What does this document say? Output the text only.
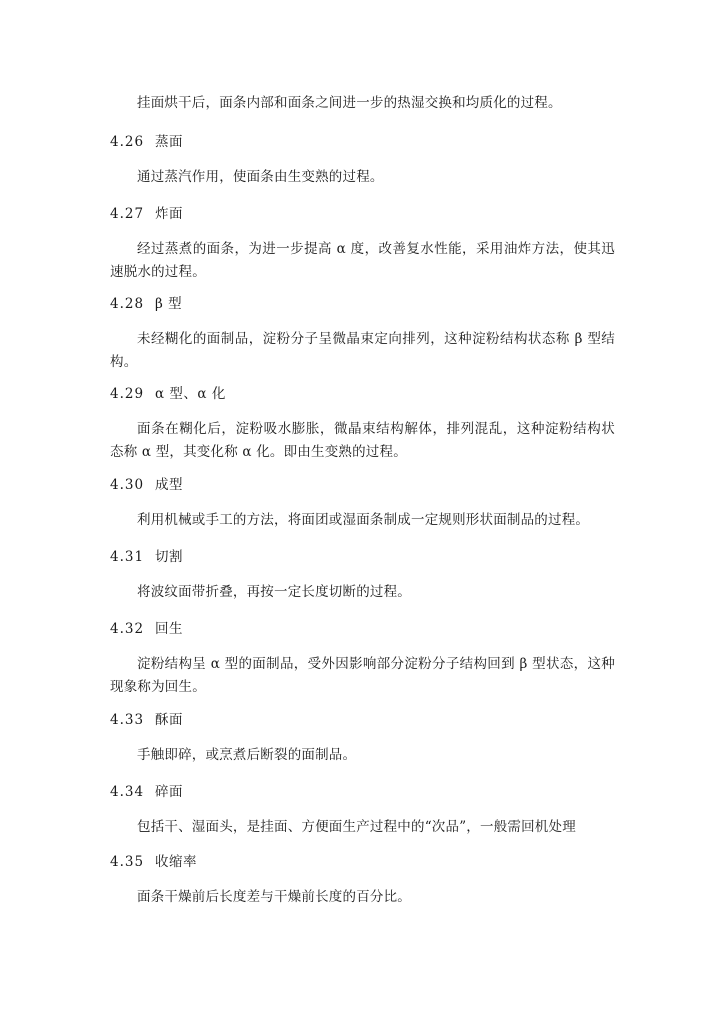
挂面烘干后，面条内部和面条之间进一步的热湿交换和均质化的过程。

4.26 蒸面

通过蒸汽作用，使面条由生变熟的过程。

4.27 炸面

经过蒸煮的面条，为进一步提高 α 度，改善复水性能，采用油炸方法，使其迅速脱水的过程。

4.28 β 型

未经糊化的面制品，淀粉分子呈微晶束定向排列，这种淀粉结构状态称 β 型结构。

4.29 α 型、α 化

面条在糊化后，淀粉吸水膨胀，微晶束结构解体，排列混乱，这种淀粉结构状态称 α 型，其变化称 α 化。即由生变熟的过程。

4.30 成型

利用机械或手工的方法，将面团或湿面条制成一定规则形状面制品的过程。

4.31 切割

将波纹面带折叠，再按一定长度切断的过程。

4.32 回生

淀粉结构呈 α 型的面制品，受外因影响部分淀粉分子结构回到 β 型状态，这种现象称为回生。

4.33 酥面

手触即碎，或烹煮后断裂的面制品。

4.34 碎面

包括干、湿面头，是挂面、方便面生产过程中的“次品”，一般需回机处理

4.35 收缩率

面条干燥前后长度差与干燥前长度的百分比。
